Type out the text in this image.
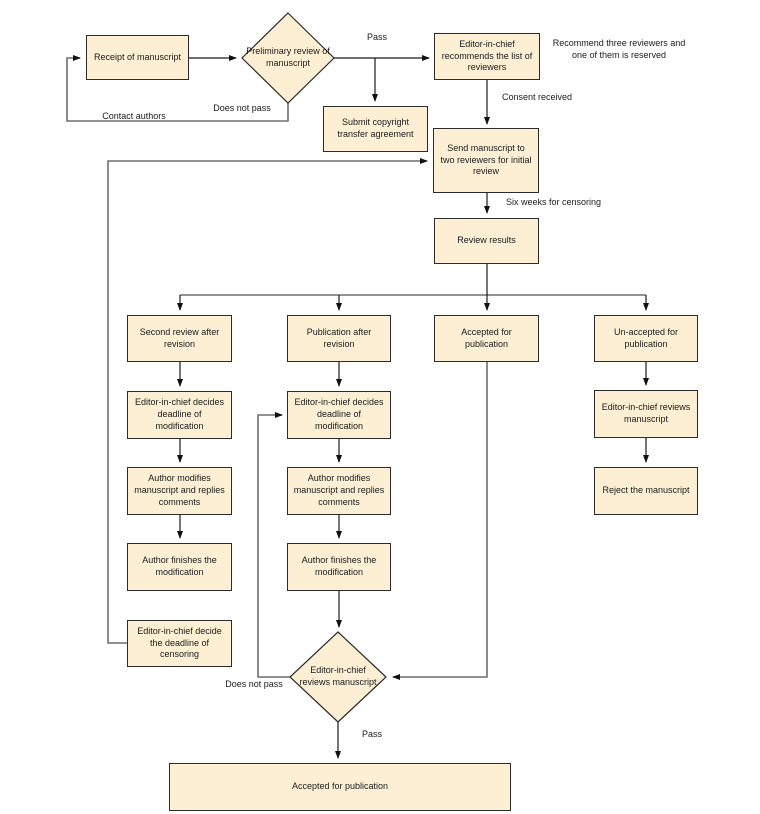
Receipt of manuscript
Editor-in-chief recommends the list of reviewers
Submit copyright transfer agreement
Send manuscript to two reviewers for initial review
Review results
Second review after revision
Publication after revision
Accepted for publication
Un-accepted for publication
Editor-in-chief decides deadline of modification
Editor-in-chief decides deadline of modification
Editor-in-chief reviews manuscript
Author modifies manuscript and replies comments
Author modifies manuscript and replies comments
Reject the manuscript
Author finishes the modification
Author finishes the modification
Editor-in-chief decide the deadline of censoring
Accepted for publication
Preliminary review of manuscript
Editor-in-chief reviews manuscript
Pass
Does not pass
Contact authors
Recommend three reviewers and one of them is reserved
Consent received
Six weeks for censoring
Does not pass
Pass
